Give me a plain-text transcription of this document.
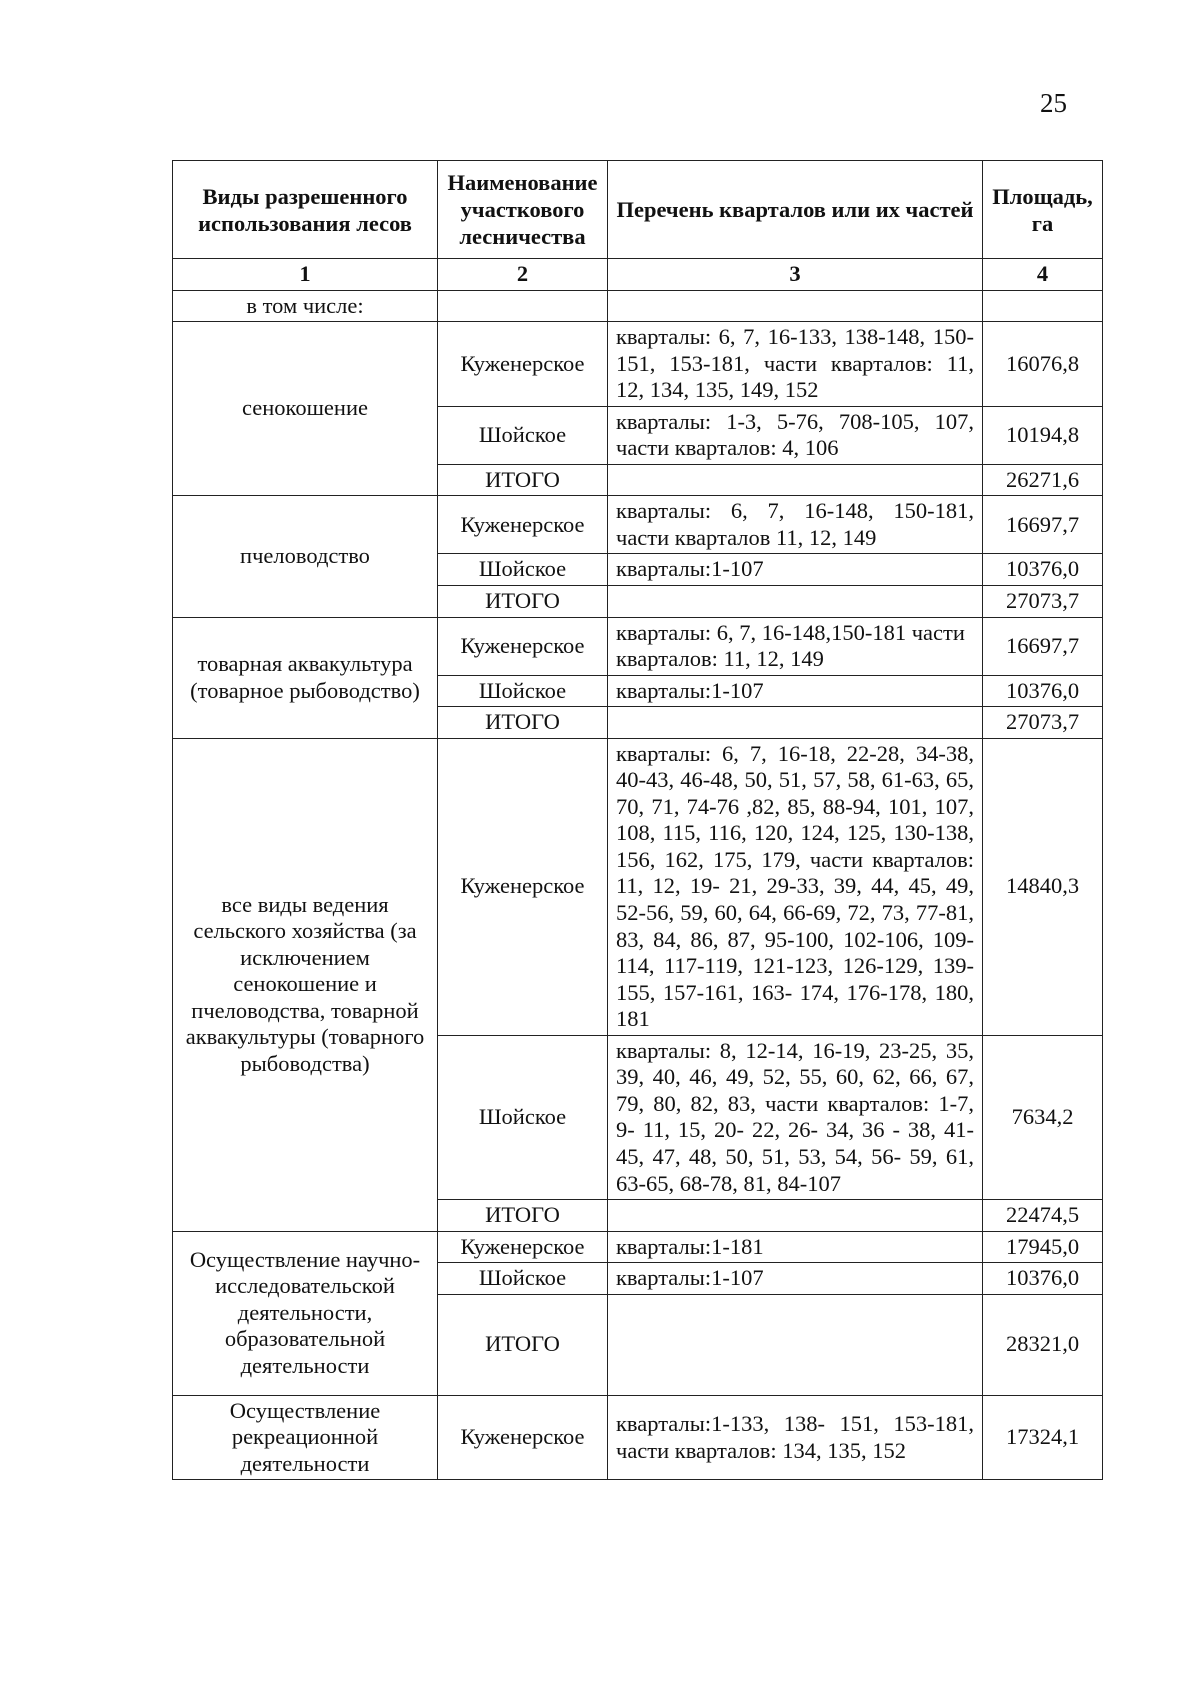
25
Виды разрешенного использования лесов	Наименование участкового лесничества	Перечень кварталов или их частей	Площадь, га
1	2	3	4
в том числе:			
сенокошение	Куженерское	кварталы: 6, 7, 16-133, 138-148, 150-151, 153-181, части кварталов: 11, 12, 134, 135, 149, 152	16076,8
	Шойское	кварталы: 1-3, 5-76, 708-105, 107, части кварталов: 4, 106	10194,8
	ИТОГО		26271,6
пчеловодство	Куженерское	кварталы: 6, 7, 16-148, 150-181, части кварталов 11, 12, 149	16697,7
	Шойское	кварталы:1-107	10376,0
	ИТОГО		27073,7
товарная аквакультура (товарное рыбоводство)	Куженерское	кварталы: 6, 7, 16-148,150-181 части кварталов: 11, 12, 149	16697,7
	Шойское	кварталы:1-107	10376,0
	ИТОГО		27073,7
все виды ведения сельского хозяйства (за исключением сенокошение и пчеловодства, товарной аквакультуры (товарного рыбоводства)	Куженерское	кварталы: 6, 7, 16-18, 22-28, 34-38, 40-43, 46-48, 50, 51, 57, 58, 61-63, 65, 70, 71, 74-76 ,82, 85, 88-94, 101, 107, 108, 115, 116, 120, 124, 125, 130-138, 156, 162, 175, 179, части кварталов: 11, 12, 19- 21, 29-33, 39, 44, 45, 49, 52-56, 59, 60, 64, 66-69, 72, 73, 77-81, 83, 84, 86, 87, 95-100, 102-106, 109-114, 117-119, 121-123, 126-129, 139-155, 157-161, 163- 174, 176-178, 180, 181	14840,3
	Шойское	кварталы: 8, 12-14, 16-19, 23-25, 35, 39, 40, 46, 49, 52, 55, 60, 62, 66, 67, 79, 80, 82, 83, части кварталов: 1-7, 9- 11, 15, 20- 22, 26- 34, 36 - 38, 41-45, 47, 48, 50, 51, 53, 54, 56- 59, 61, 63-65, 68-78, 81, 84-107	7634,2
	ИТОГО		22474,5
Осуществление научно-исследовательской деятельности, образовательной деятельности	Куженерское	кварталы:1-181	17945,0
	Шойское	кварталы:1-107	10376,0
	ИТОГО		28321,0
Осуществление рекреационной деятельности	Куженерское	кварталы:1-133, 138- 151, 153-181, части кварталов: 134, 135, 152	17324,1
